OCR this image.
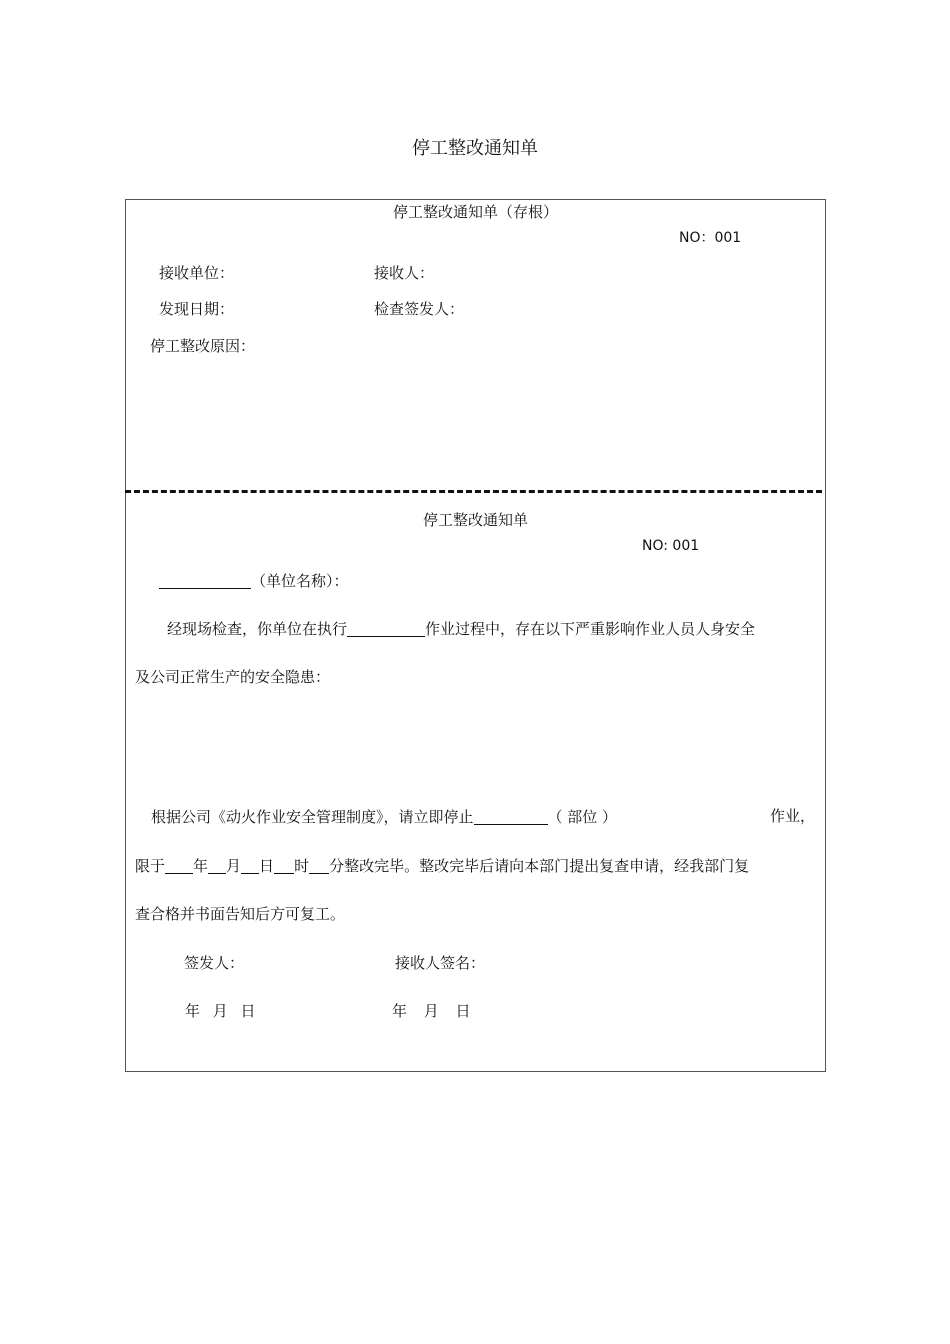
停工整改通知单
停工整改通知单（存根）
NO：001
接收单位：	接收人：
发现日期：	检查签发人：
停工整改原因：
停工整改通知单
NO: 001
（单位名称）：
经现场检查，你单位在执行	作业过程中，存在以下严重影响作业人员人身安全
及公司正常生产的安全隐患：
根据公司《动火作业安全管理制度》，请立即停止	（ 部位 ）	作业，
限于 年 月 日 时 分整改完毕。整改完毕后请向本部门提出复查申请，经我部门复
查合格并书面告知后方可复工。
签发人：	接收人签名：
年 月 日	年 月 日
